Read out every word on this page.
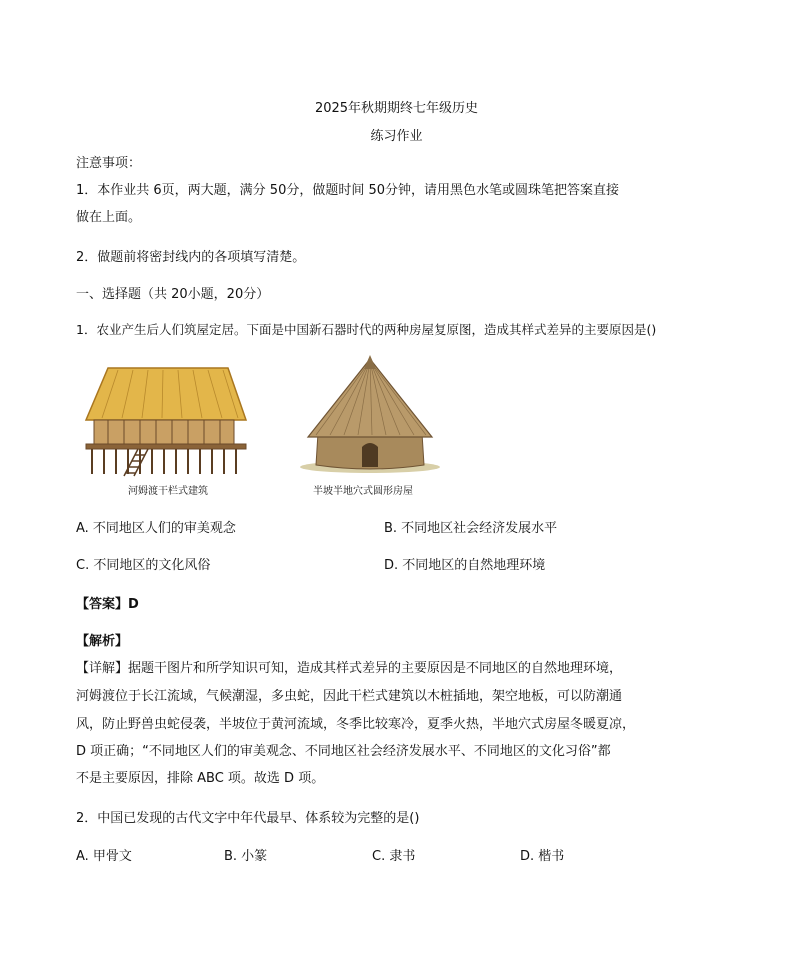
2025年秋期期终七年级历史
练习作业
注意事项：
1．本作业共 6页，两大题，满分 50分，做题时间 50分钟，请用黑色水笔或圆珠笔把答案直接
做在上面。
2．做题前将密封线内的各项填写清楚。
一、选择题（共 20小题，20分）
1．农业产生后人们筑屋定居。下面是中国新石器时代的两种房屋复原图，造成其样式差异的主要原因是()
河姆渡干栏式建筑	半坡半地穴式圆形房屋
A. 不同地区人们的审美观念	B. 不同地区社会经济发展水平
C. 不同地区的文化风俗	D. 不同地区的自然地理环境
【答案】D
【解析】
【详解】据题干图片和所学知识可知，造成其样式差异的主要原因是不同地区的自然地理环境，
河姆渡位于长江流域，气候潮湿，多虫蛇，因此干栏式建筑以木桩插地，架空地板，可以防潮通
风，防止野兽虫蛇侵袭，半坡位于黄河流域，冬季比较寒冷，夏季火热，半地穴式房屋冬暖夏凉，
D 项正确；“不同地区人们的审美观念、不同地区社会经济发展水平、不同地区的文化习俗”都
不是主要原因，排除 ABC 项。故选 D 项。
2．中国已发现的古代文字中年代最早、体系较为完整的是()
A. 甲骨文	B. 小篆	C. 隶书	D. 楷书
